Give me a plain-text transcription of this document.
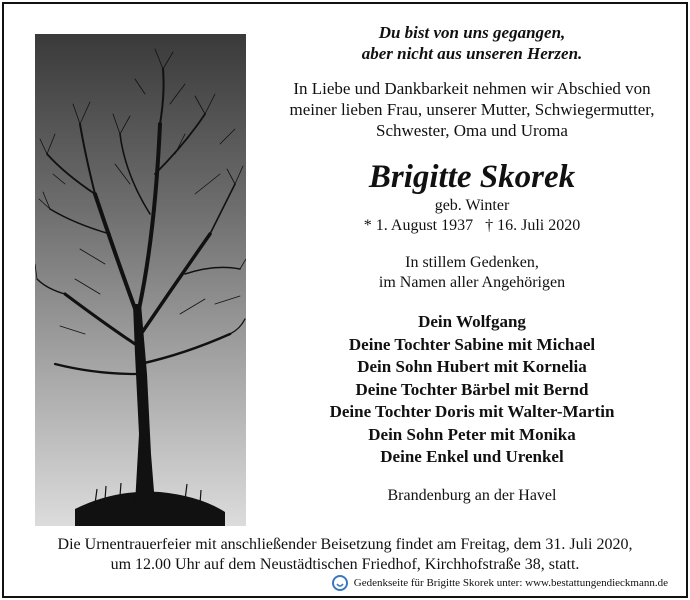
Du bist von uns gegangen,
aber nicht aus unseren Herzen.
In Liebe und Dankbarkeit nehmen wir Abschied von
meiner lieben Frau, unserer Mutter, Schwiegermutter,
Schwester, Oma und Uroma
Brigitte Skorek
geb. Winter
* 1. August 1937 † 16. Juli 2020
In stillem Gedenken,
im Namen aller Angehörigen
Dein Wolfgang
Deine Tochter Sabine mit Michael
Dein Sohn Hubert mit Kornelia
Deine Tochter Bärbel mit Bernd
Deine Tochter Doris mit Walter-Martin
Dein Sohn Peter mit Monika
Deine Enkel und Urenkel
Brandenburg an der Havel
Die Urnentrauerfeier mit anschließender Beisetzung findet am Freitag, dem 31. Juli 2020,
um 12.00 Uhr auf dem Neustädtischen Friedhof, Kirchhofstraße 38, statt.
Gedenkseite für Brigitte Skorek unter: www.bestattungendieckmann.de
